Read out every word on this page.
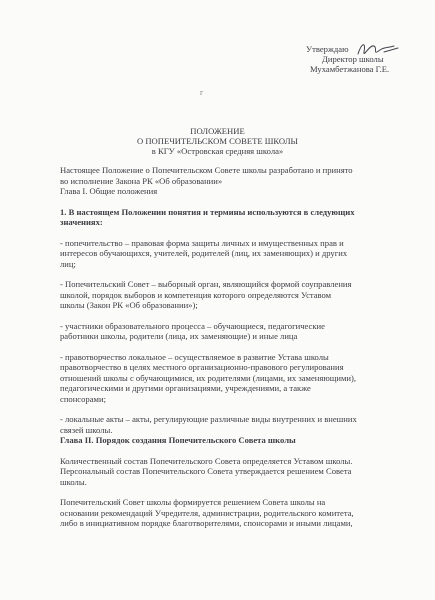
Утверждаю
Директор школы
Мухамбетжанова Г.Е.
г
ПОЛОЖЕНИЕ
О ПОПЕЧИТЕЛЬСКОМ СОВЕТЕ ШКОЛЫ
в КГУ «Островская средняя школа»

Настоящее Положение о Попечительском Совете школы разработано и принято

во исполнение Закона РК «Об образовании»

Глава I. Общие положения

1. В настоящем Положении понятия и термины используются в следующих

значениях:

- попечительство – правовая форма защиты личных и имущественных прав и

интересов обучающихся, учителей, родителей (лиц, их заменяющих) и других

лиц;

- Попечительский Совет – выборный орган, являющийся формой соуправления

школой, порядок выборов и компетенция которого определяются Уставом

школы (Закон РК «Об образовании»);

- участники образовательного процесса – обучающиеся, педагогические

работники школы, родители (лица, их заменяющие) и иные лица

- правотворчество локальное – осуществляемое в развитие Устава школы

правотворчество в целях местного организационно-правового регулирования

отношений школы с обучающимися, их родителями (лицами, их заменяющими),

педагогическими и другими организациями, учреждениями, а также

спонсорами;

- локальные акты – акты, регулирующие различные виды внутренних и внешних

связей школы.

Глава II. Порядок создания Попечительского Совета школы

Количественный состав Попечительского Совета определяется Уставом школы.

Персональный состав Попечительского Совета утверждается решением Совета

школы.

Попечительский Совет школы формируется решением Совета школы на

основании рекомендаций Учредителя, администрации, родительского комитета,

либо в инициативном порядке благотворителями, спонсорами и иными лицами,
